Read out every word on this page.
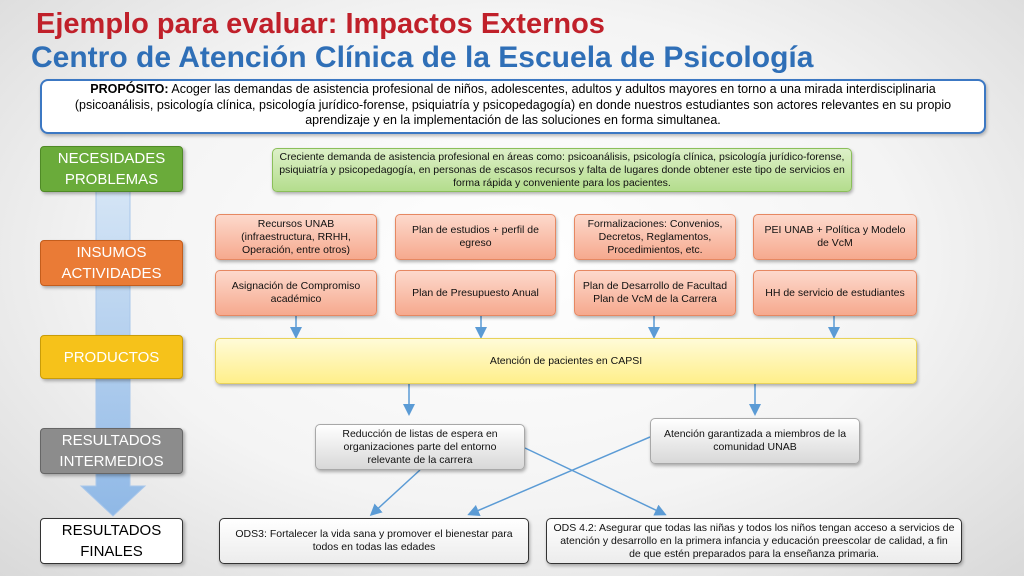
Ejemplo para evaluar: Impactos Externos
Centro de Atención Clínica de la Escuela de Psicología
PROPÓSITO: Acoger las demandas de asistencia profesional de niños, adolescentes, adultos y adultos mayores en torno a una mirada interdisciplinaria (psicoanálisis, psicología clínica, psicología jurídico-forense, psiquiatría y psicopedagogía) en donde nuestros estudiantes son actores relevantes en su propio aprendizaje y en la implementación de las soluciones en forma simultanea.
NECESIDADES PROBLEMAS
INSUMOS ACTIVIDADES
PRODUCTOS
RESULTADOS INTERMEDIOS
RESULTADOS FINALES
Creciente demanda de asistencia profesional en áreas como: psicoanálisis, psicología clínica, psicología jurídico-forense, psiquiatría y psicopedagogía, en personas de escasos recursos y falta de lugares donde obtener este tipo de servicios en forma rápida y conveniente para los pacientes.
Recursos UNAB (infraestructura, RRHH, Operación, entre otros)
Plan de estudios + perfil de egreso
Formalizaciones: Convenios, Decretos, Reglamentos, Procedimientos, etc.
PEI UNAB + Política y Modelo de VcM
Asignación de Compromiso académico
Plan de Presupuesto Anual
Plan de Desarrollo de Facultad
Plan de VcM de la Carrera
HH de servicio de estudiantes
Atención de pacientes en CAPSI
Reducción de listas de espera en organizaciones parte del entorno relevante de la carrera
Atención garantizada a miembros de la comunidad UNAB
ODS3: Fortalecer la vida sana y promover el bienestar para todos en todas las edades
ODS 4.2: Asegurar que todas las niñas y todos los niños tengan acceso a servicios de atención y desarrollo en la primera infancia y educación preescolar de calidad, a fin de que estén preparados para la enseñanza primaria.
